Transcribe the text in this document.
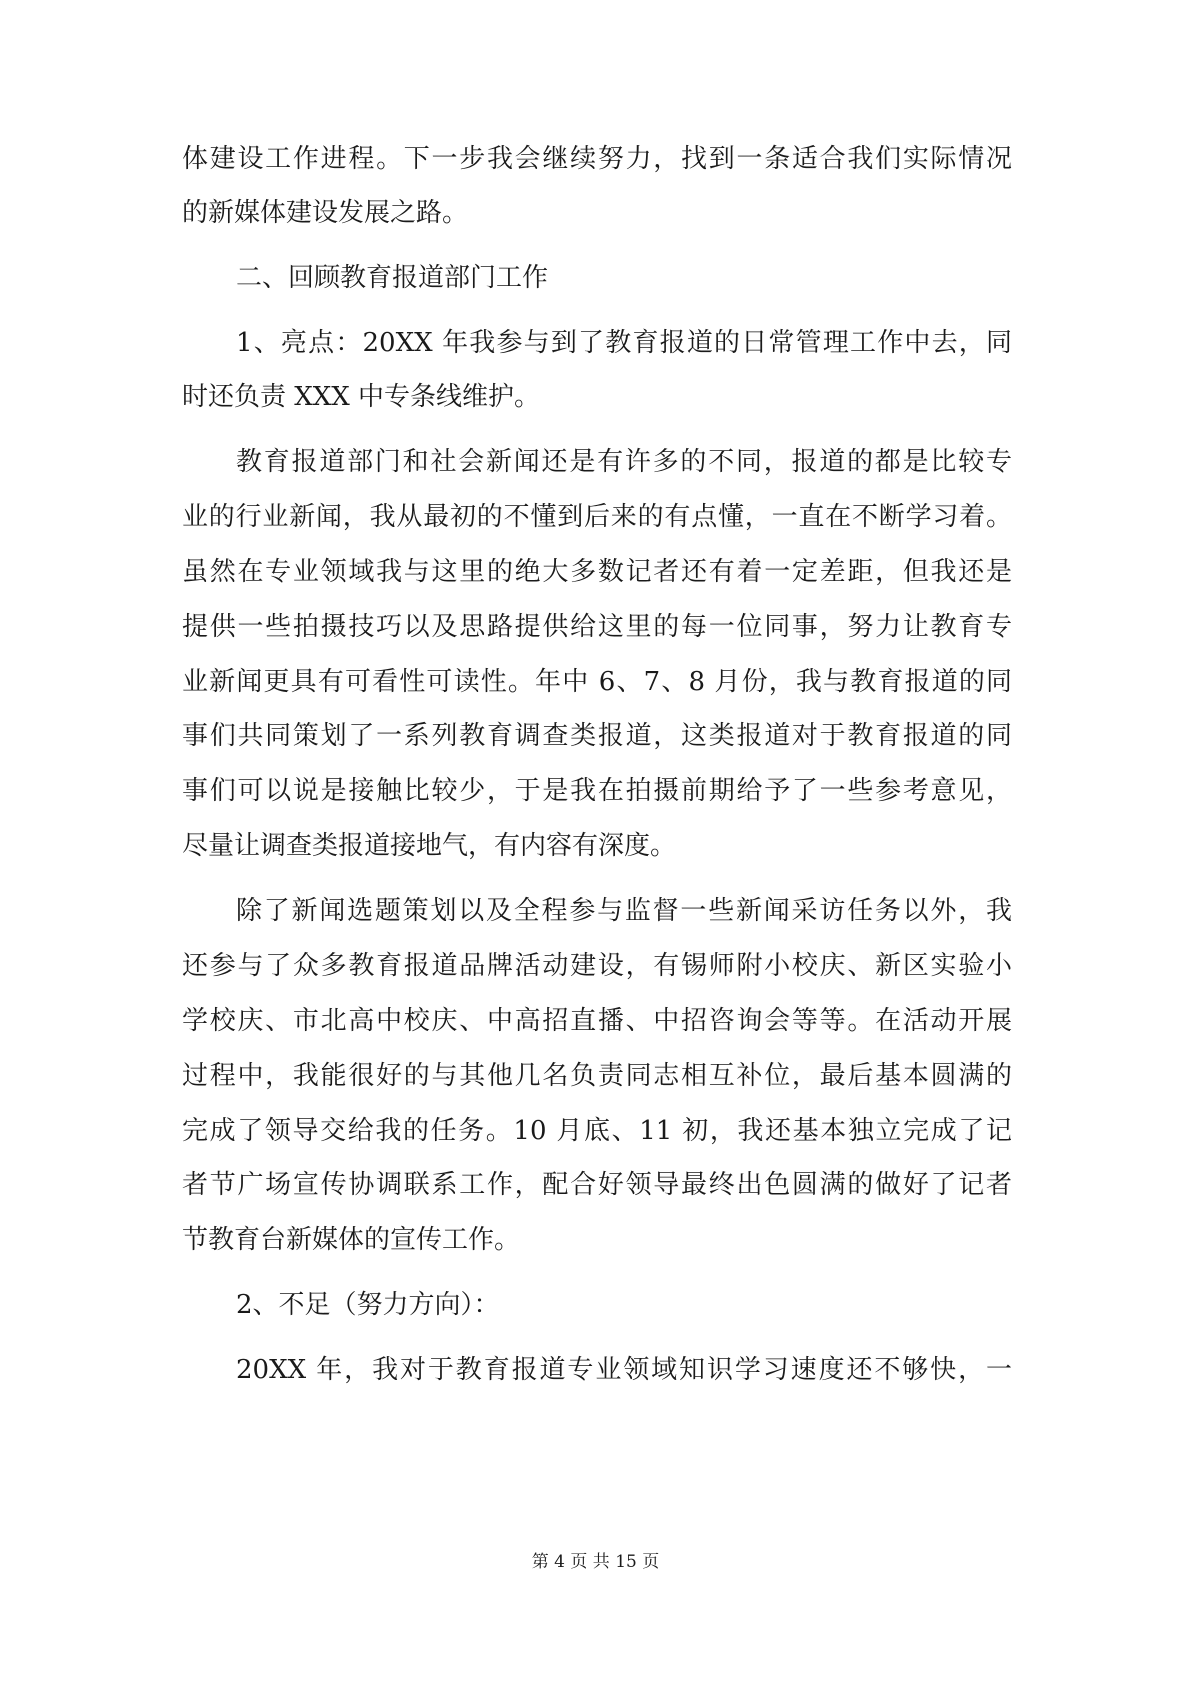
体建设工作进程。下一步我会继续努力，找到一条适合我们实际情况

的新媒体建设发展之路。

二、回顾教育报道部门工作

1、亮点：20XX 年我参与到了教育报道的日常管理工作中去，同

时还负责 XXX 中专条线维护。

教育报道部门和社会新闻还是有许多的不同，报道的都是比较专

业的行业新闻，我从最初的不懂到后来的有点懂，一直在不断学习着。

虽然在专业领域我与这里的绝大多数记者还有着一定差距，但我还是

提供一些拍摄技巧以及思路提供给这里的每一位同事，努力让教育专

业新闻更具有可看性可读性。年中 6、7、8 月份，我与教育报道的同

事们共同策划了一系列教育调查类报道，这类报道对于教育报道的同

事们可以说是接触比较少，于是我在拍摄前期给予了一些参考意见，

尽量让调查类报道接地气，有内容有深度。

除了新闻选题策划以及全程参与监督一些新闻采访任务以外，我

还参与了众多教育报道品牌活动建设，有锡师附小校庆、新区实验小

学校庆、市北高中校庆、中高招直播、中招咨询会等等。在活动开展

过程中，我能很好的与其他几名负责同志相互补位，最后基本圆满的

完成了领导交给我的任务。10 月底、11 初，我还基本独立完成了记

者节广场宣传协调联系工作，配合好领导最终出色圆满的做好了记者

节教育台新媒体的宣传工作。

2、不足（努力方向）：

20XX 年，我对于教育报道专业领域知识学习速度还不够快，一

第 4 页 共 15 页
